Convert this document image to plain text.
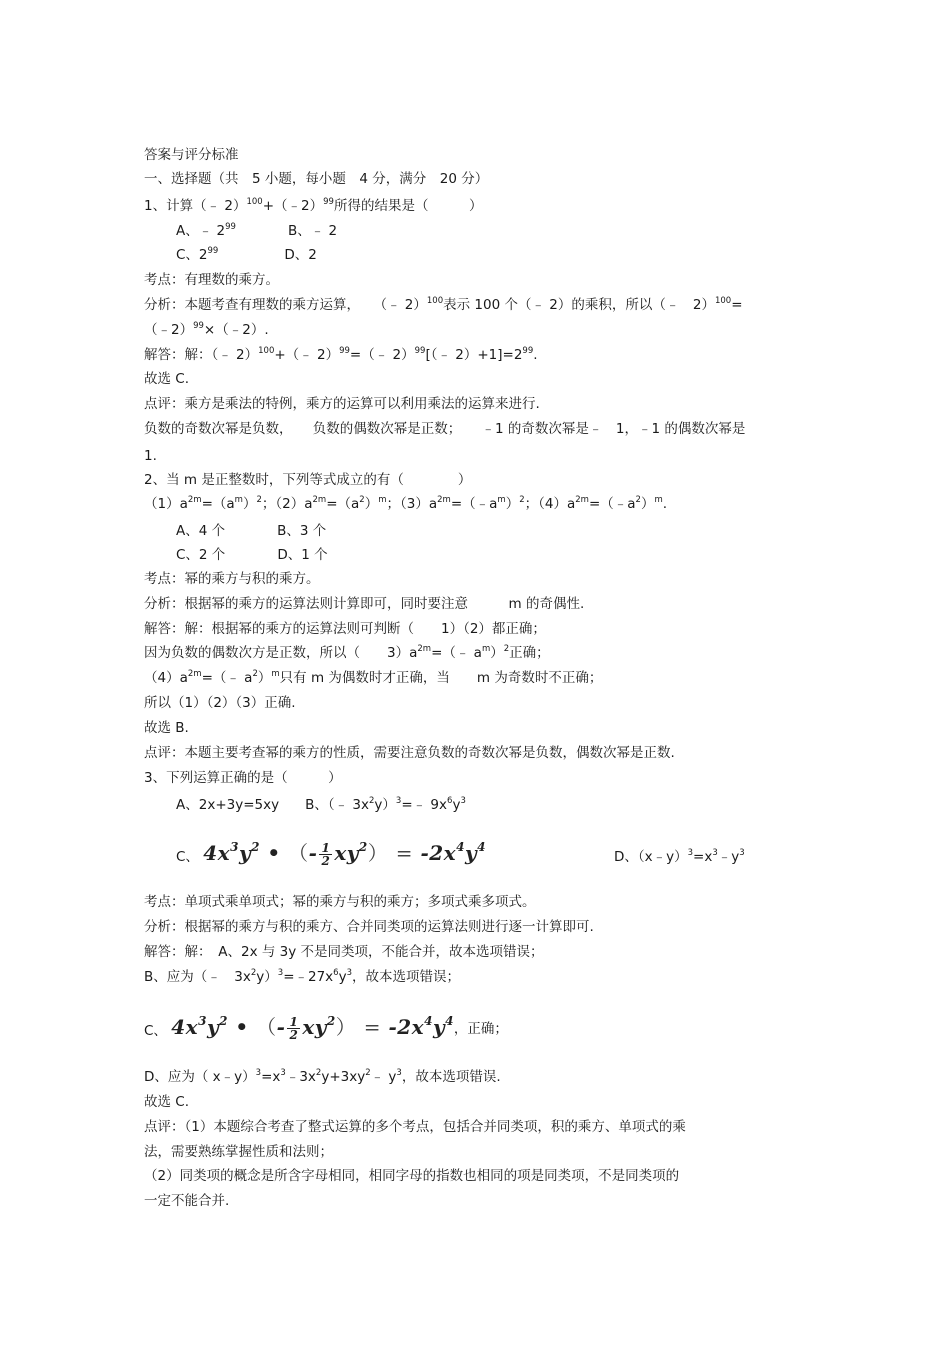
答案与评分标准
一、选择题（共　5 小题，每小题　4 分，满分　20 分）
1、计算（﹣ 2）$^{100}$+（﹣2）$^{99}$所得的结果是（　　　）
A、﹣ $2^{99}$	B、﹣ 2
C、$2^{99}$	D、2
考点：有理数的乘方。
分析：本题考查有理数的乘方运算，　　（﹣ 2）$^{100}$表示 100 个（﹣ 2）的乘积，所以（﹣　2）$^{100}$=
（﹣2）$^{99}$×（﹣2）.
解答：解：（﹣ 2）$^{100}$+（﹣ 2）$^{99}$=（﹣ 2）$^{99}$[（﹣ $2)+1]=2^{99}$.
故选 C.
点评：乘方是乘法的特例，乘方的运算可以利用乘法的运算来进行.
负数的奇数次幂是负数，　　负数的偶数次幂是正数；　　﹣1 的奇数次幂是﹣　1，﹣1 的偶数次幂是
1.
2、当 m 是正整数时，下列等式成立的有（　　　　）
$(1)a^{2m}=(a^m)^2$；$(2)a^{2m}=(a^2)^m$；$(3)a^{2m}=(﹣a^m)^2$；$(4)a^{2m}=(﹣a^2)^m$.
A、4 个	B、3 个
C、2 个	D、1 个
考点：幂的乘方与积的乘方。
分析：根据幂的乘方的运算法则计算即可，同时要注意　　　m 的奇偶性.
解答：解：根据幂的乘方的运算法则可判断（　　1）（2）都正确；
因为负数的偶数次方是正数，所以（　　$3)a^{2m}=(﹣$ $a^m)^2$正确；
$(4)a^{2m}=(﹣$ $a^2)^m$只有 m 为偶数时才正确，当　　m 为奇数时不正确；
所以（1）（2）（3）正确.
故选 B.
点评：本题主要考查幂的乘方的性质，需要注意负数的奇数次幂是负数，偶数次幂是正数.
3、下列运算正确的是（　　　）
A、2x+3y=5xy B、（﹣ $3x^2y)^3=﹣$ $9x^6y^3$
C、 $4x^3y^2$ • （- $\frac{1}{2} xy^2) = -2x^4y^4$
D、$(x﹣y)^3=x^3﹣y^3$
考点：单项式乘单项式；幂的乘方与积的乘方；多项式乘多项式。
分析：根据幂的乘方与积的乘方、合并同类项的运算法则进行逐一计算即可.
解答：解：　A、2x 与 3y 不是同类项，不能合并，故本选项错误；
B、应为（﹣　$3x^2y)^3=﹣27x^6y^3$，故本选项错误；
C、 $4x^3y^2$ • （- $\frac{1}{2} xy^2) = -2x^4y^4$，正确；
D、应为（ $x﹣y)^3=x^3﹣3x^2y+3xy^2﹣$ $y^3$，故本选项错误.
故选 C.
点评：（1）本题综合考查了整式运算的多个考点，包括合并同类项，积的乘方、单项式的乘
法，需要熟练掌握性质和法则；
（2）同类项的概念是所含字母相同，相同字母的指数也相同的项是同类项，不是同类项的
一定不能合并.
